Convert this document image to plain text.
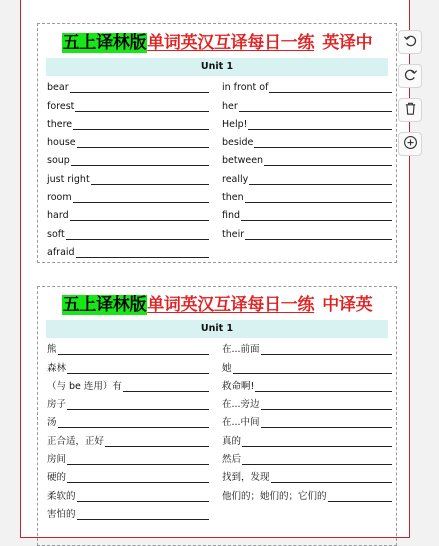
五上译林版单词英汉互译每日一练 英译中
Unit 1
bear	in front of
forest	her
there	Help!
house	beside
soup	between
just right	really
room	then
hard	find
soft	their
afraid
五上译林版单词英汉互译每日一练 中译英
Unit 1
熊	在...前面
森林	她
（与 be 连用）有	救命啊!
房子	在...旁边
汤	在...中间
正合适，正好	真的
房间	然后
硬的	找到，发现
柔软的	他们的；她们的；它们的
害怕的
